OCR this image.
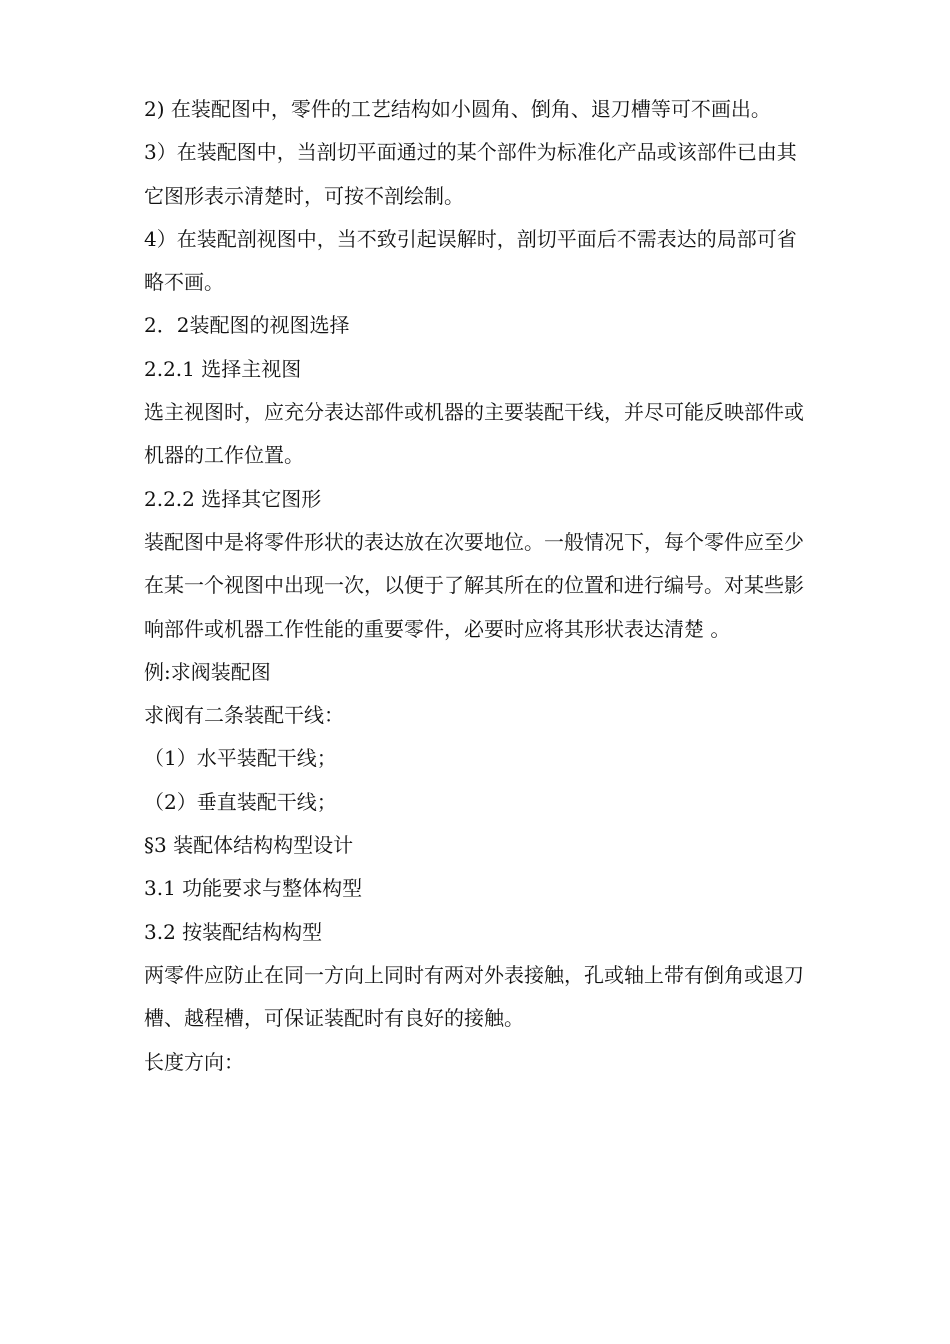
2) 在装配图中，零件的工艺结构如小圆角、倒角、退刀槽等可不画出。

3）在装配图中，当剖切平面通过的某个部件为标准化产品或该部件已由其它图形表示清楚时，可按不剖绘制。

4）在装配剖视图中，当不致引起误解时，剖切平面后不需表达的局部可省略不画。

2．2装配图的视图选择

2.2.1 选择主视图

选主视图时，应充分表达部件或机器的主要装配干线，并尽可能反映部件或机器的工作位置。

2.2.2 选择其它图形

装配图中是将零件形状的表达放在次要地位。一般情况下，每个零件应至少在某一个视图中出现一次，以便于了解其所在的位置和进行编号。对某些影响部件或机器工作性能的重要零件，必要时应将其形状表达清楚 。

例:求阀装配图

求阀有二条装配干线：

（1）水平装配干线；

（2）垂直装配干线；

§3 装配体结构构型设计

3.1 功能要求与整体构型

3.2 按装配结构构型

两零件应防止在同一方向上同时有两对外表接触，孔或轴上带有倒角或退刀槽、越程槽，可保证装配时有良好的接触。

长度方向：
